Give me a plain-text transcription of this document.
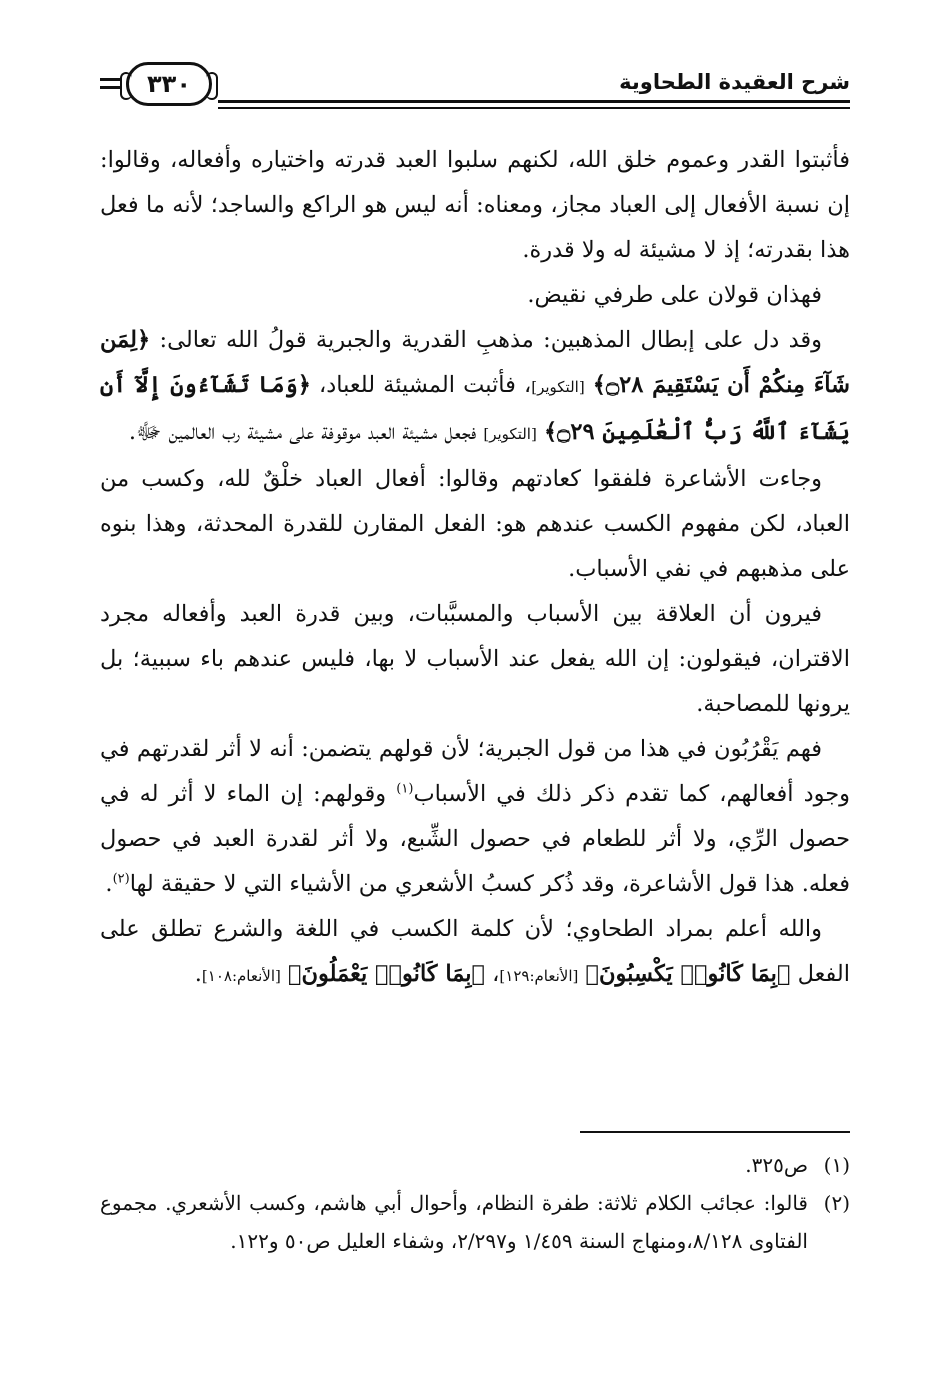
شرح العقيدة الطحاوية
٣٣٠

فأثبتوا القدر وعموم خلق الله، لكنهم سلبوا العبد قدرته واختياره وأفعاله، وقالوا: إن نسبة الأفعال إلى العباد مجاز، ومعناه: أنه ليس هو الراكع والساجد؛ لأنه ما فعل هذا بقدرته؛ إذ لا مشيئة له ولا قدرة.

فهذان قولان على طرفي نقيض.

وقد دل على إبطال المذهبين: مذهبِ القدرية والجبرية قولُ الله تعالى: ﴿لِمَن شَآءَ مِنكُمْ أَن يَسْتَقِيمَ ۝٢٨﴾ [التكوير]، فأثبت المشيئة للعباد، ﴿وَمَا تَشَآءُونَ إِلَّآ أَن يَشَآءَ ٱللَّهُ رَبُّ ٱلْعَٰلَمِينَ ۝٢٩﴾ [التكوير] فجعل مشيئة العبد موقوفة على مشيئة رب العالمين ﷻ.

وجاءت الأشاعرة فلفقوا كعادتهم وقالوا: أفعال العباد خلْقٌ لله، وكسب من العباد، لكن مفهوم الكسب عندهم هو: الفعل المقارن للقدرة المحدثة، وهذا بنوه على مذهبهم في نفي الأسباب.

فيرون أن العلاقة بين الأسباب والمسبَّبات، وبين قدرة العبد وأفعاله مجرد الاقتران، فيقولون: إن الله يفعل عند الأسباب لا بها، فليس عندهم باء سببية؛ بل يرونها للمصاحبة.

فهم يَقْرُبُون في هذا من قول الجبرية؛ لأن قولهم يتضمن: أنه لا أثر لقدرتهم في وجود أفعالهم، كما تقدم ذكر ذلك في الأسباب$^{(١)}$ وقولهم: إن الماء لا أثر له في حصول الرِّي، ولا أثر للطعام في حصول الشِّبع، ولا أثر لقدرة العبد في حصول فعله. هذا قول الأشاعرة، وقد ذُكر كسبُ الأشعري من الأشياء التي لا حقيقة لها$^{(٢)}$.

والله أعلم بمراد الطحاوي؛ لأن كلمة الكسب في اللغة والشرع تطلق على الفعل ﴿بِمَا كَانُوا۟ يَكْسِبُونَ﴾ [الأنعام:١٢٩]، ﴿بِمَا كَانُوا۟ يَعْمَلُونَ﴾ [الأنعام:١٠٨].

(١)
ص٣٢٥.

(٢)
قالوا: عجائب الكلام ثلاثة: طفرة النظام، وأحوال أبي هاشم، وكسب الأشعري. مجموع الفتاوى ٨/١٢٨،ومنهاج السنة ١/٤٥٩ و٢/٢٩٧، وشفاء العليل ص٥٠ و١٢٢.
